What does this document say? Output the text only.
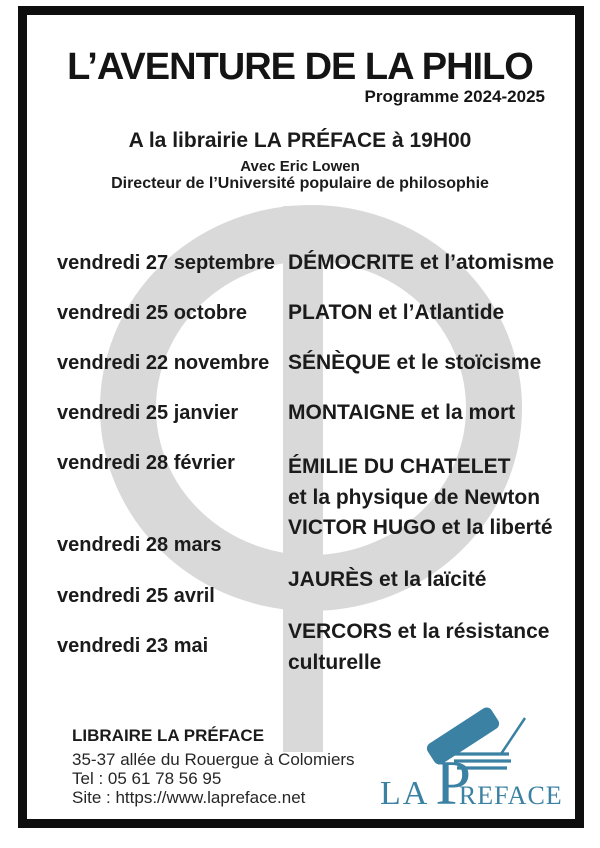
L’AVENTURE DE LA PHILO
Programme 2024-2025
A la librairie LA PRÉFACE à 19H00
Avec Eric Lowen
Directeur de l’Université populaire de philosophie
vendredi 27 septembre
vendredi 25 octobre
vendredi 22 novembre
vendredi 25 janvier
vendredi 28 février
vendredi 28 mars
vendredi 25 avril
vendredi 23 mai
DÉMOCRITE et l’atomisme
PLATON et l’Atlantide
SÉNÈQUE et le stoïcisme
MONTAIGNE et la mort
ÉMILIE DU CHATELET
et la physique de Newton
VICTOR HUGO et la liberté
JAURÈS et la laïcité
VERCORS et la résistance
culturelle
LIBRAIRE LA PRÉFACE
35-37 allée du Rouergue à Colomiers
Tel : 05 61 78 56 95
Site : https://www.lapreface.net LA P
REFACE
